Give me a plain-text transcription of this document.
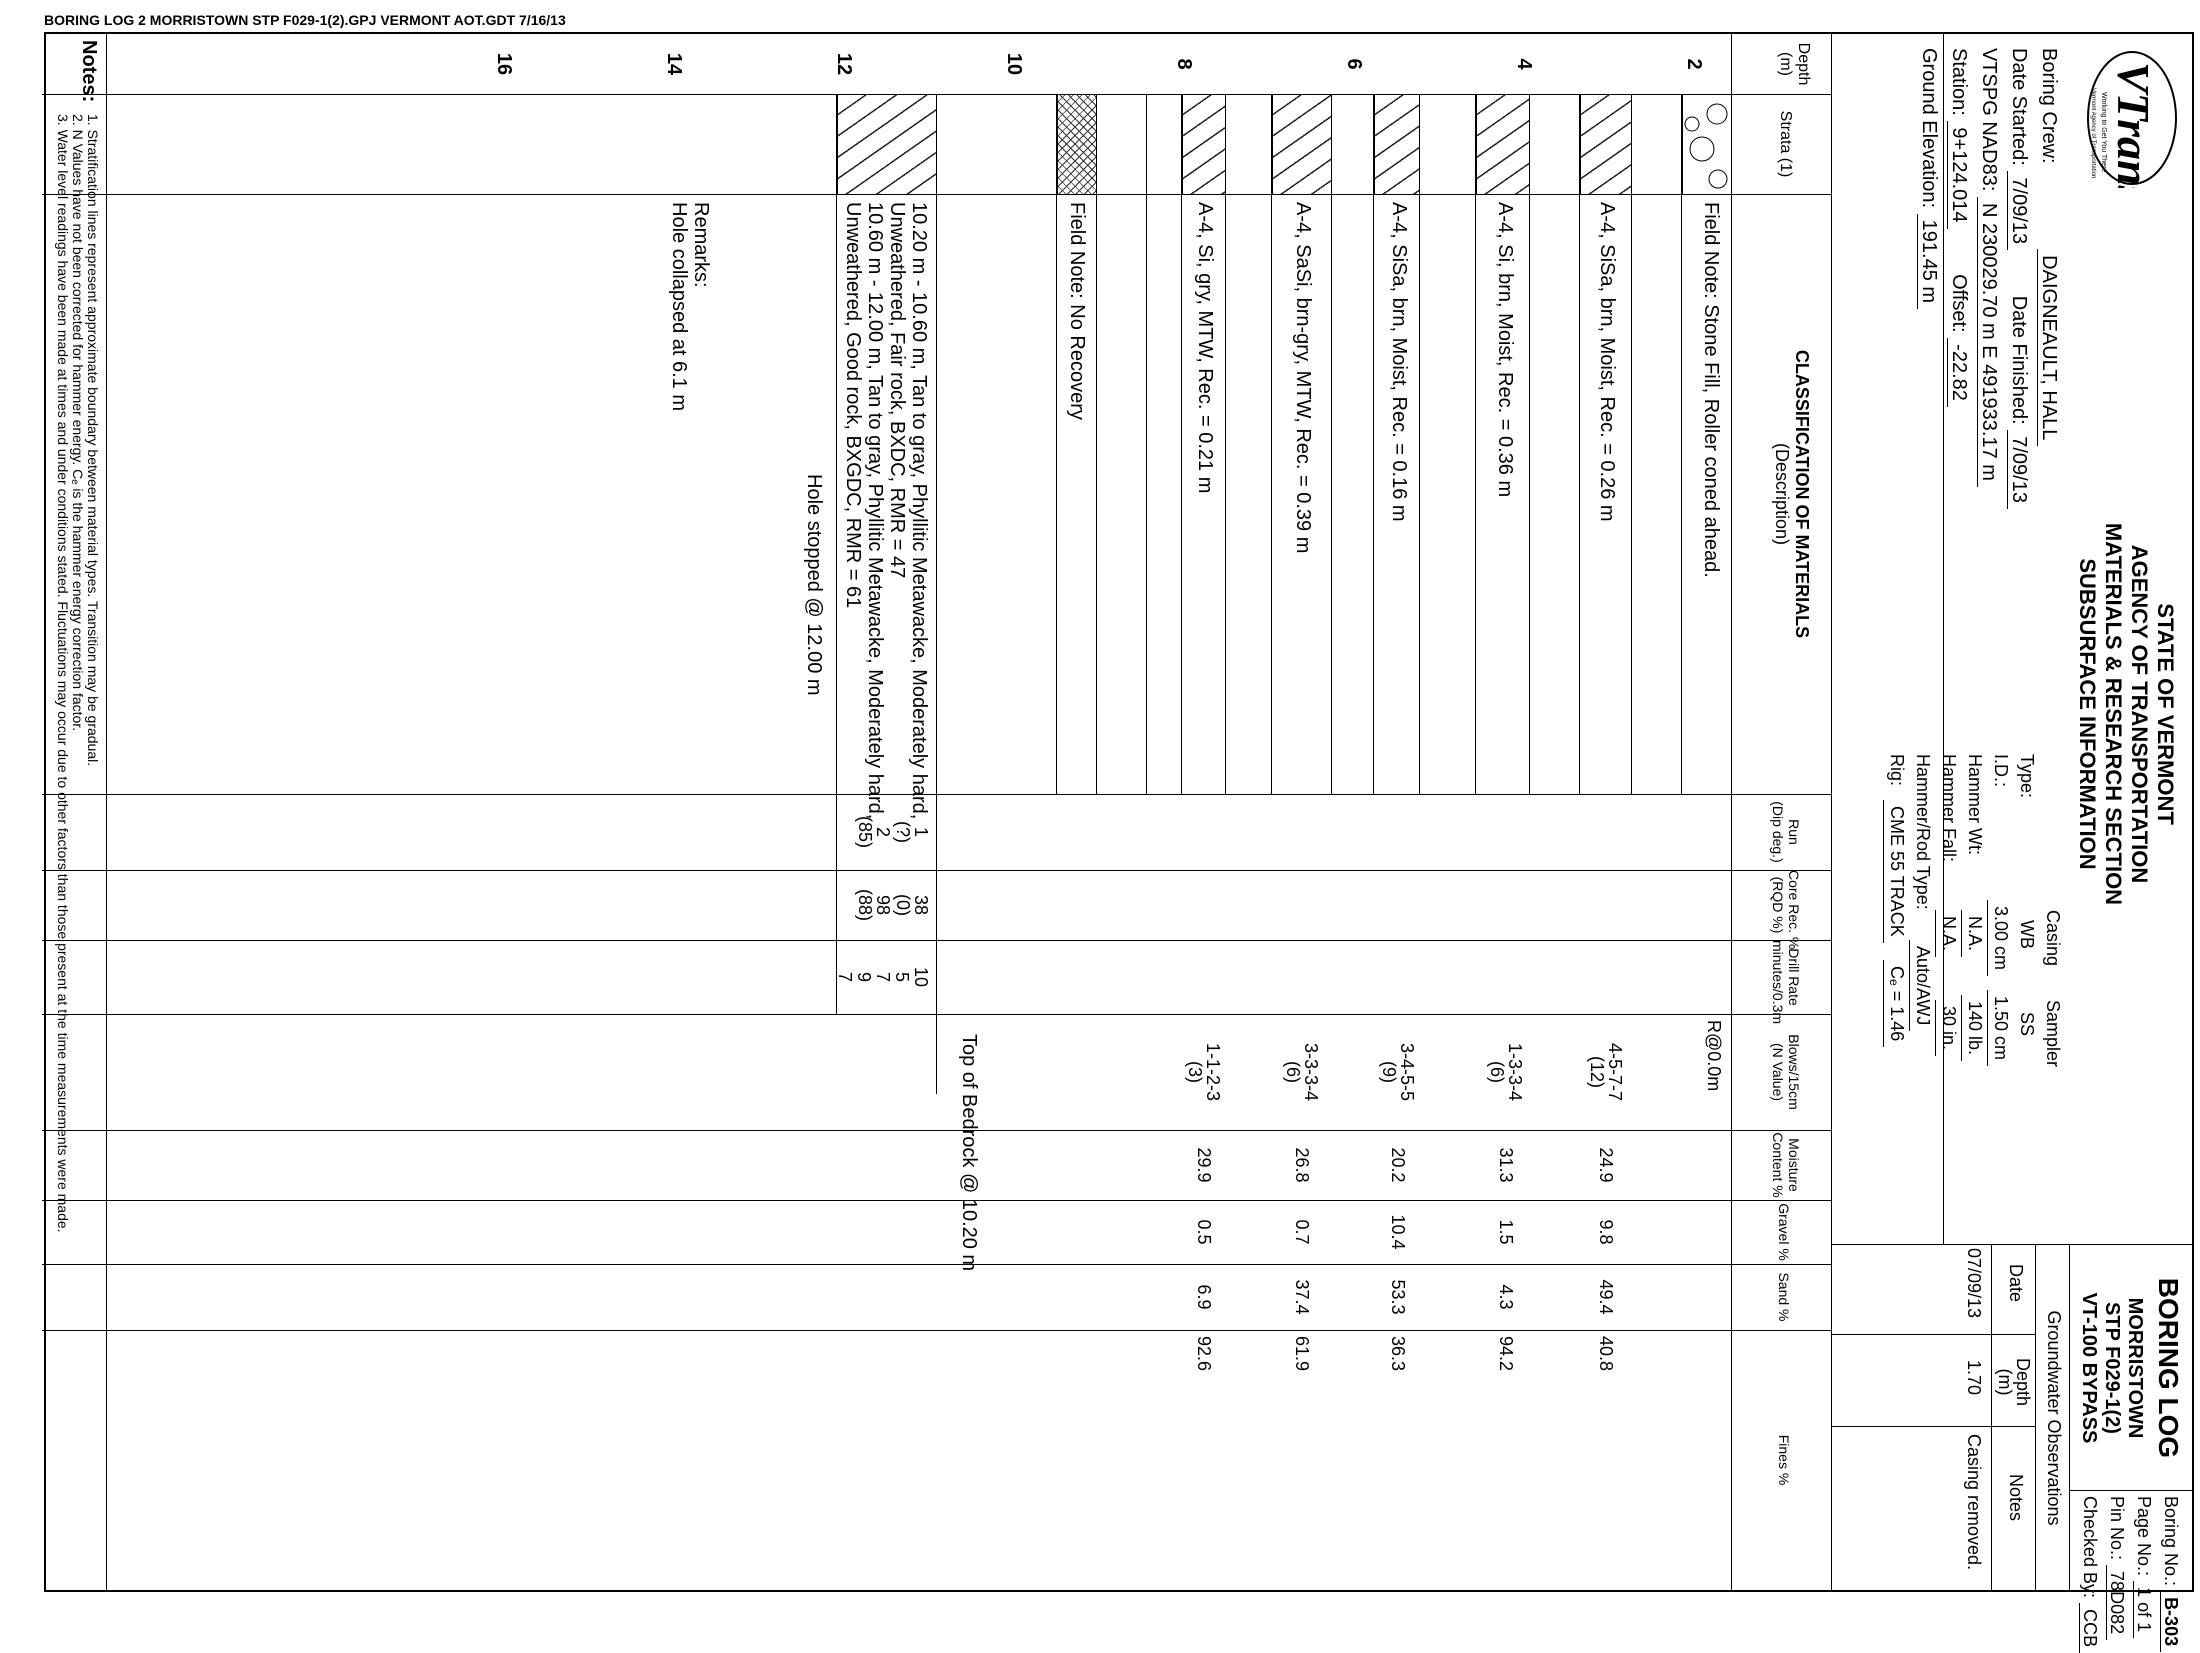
BORING LOG 2 MORRISTOWN STP F029-1(2).GPJ VERMONT AOT.GDT 7/16/13
VTrans
Working to Get You There
Vermont Agency of Transportation
STATE OF VERMONT
AGENCY OF TRANSPORTATION
MATERIALS & RESEARCH SECTION
SUBSURFACE INFORMATION
BORING LOG
MORRISTOWN
STP F029-1(2)
VT-100 BYPASS
Boring No.: B-303
Page No.: 1 of 1
Pin No.: 78D082
Checked By: CCB
Boring Crew: DAIGNEAULT, HALL
Date Started: 7/09/13 Date Finished: 7/09/13
VTSPG NAD83: N 230029.70 m E 491933.17 m
Station: 9+124.014 Offset: -22.82
Ground Elevation: 191.45 m

Casing
Sampler
Type:
WB
SS
I.D.:
3.00 cm
1.50 cm
Hammer Wt:
N.A.
140 lb.
Hammer Fall:
N.A.
30 in.
Hammer/Rod Type:
Auto/AWJ
Rig:
CME 55 TRACK
Cₑ = 1.46
Groundwater Observations
Date
Depth
(m)
Notes
07/09/13
1.70
Casing removed.
Depth
(m)
Strata (1)
CLASSIFICATION OF MATERIALS
(Description)
Run
(Dip deg.)
Core Rec. %
(RQD %)
Drill Rate
minutes/0.3m
Blows/15cm
(N Value)
Moisture
Content %
Gravel %
Sand %
Fines %
2
4
6
8
10
12
14
16
Field Note: Stone Fill, Roller coned ahead.
A-4, SiSa, brn, Moist, Rec. = 0.26 m
A-4, Si, brn, Moist, Rec. = 0.36 m
A-4, SiSa, brn, Moist, Rec. = 0.16 m
A-4, SaSi, brn-gry, MTW, Rec. = 0.39 m
A-4, Si, gry, MTW, Rec. = 0.21 m
Field Note: No Recovery
10.20 m - 10.60 m, Tan to gray, Phyllitic Metawacke, Moderately hard,
Unweathered, Fair rock, BXDC, RMR = 47
10.60 m - 12.00 m, Tan to gray, Phyllitic Metawacke, Moderately hard,
Unweathered, Good rock, BXGDC, RMR = 61
Hole stopped @ 12.00 m
Remarks:
Hole collapsed at 6.1 m
1
(?)
2
(85)
38
(0)
98
(88)
10
5
7
9
7
R@0.0m
4-5-7-7
(12)
24.9
9.8
49.4
40.8
1-3-3-4
(6)
31.3
1.5
4.3
94.2
3-4-5-5
(9)
20.2
10.4
53.3
36.3
3-3-3-4
(6)
26.8
0.7
37.4
61.9
1-1-2-3
(3)
29.9
0.5
6.9
92.6
Top of Bedrock @ 10.20 m
Notes:
1. Stratification lines represent approximate boundary between material types. Transition may be gradual.
2. N Values have not been corrected for hammer energy. Cₑ is the hammer energy correction factor.
3. Water level readings have been made at times and under conditions stated. Fluctuations may occur due to other factors than those present at the time measurements were made.
